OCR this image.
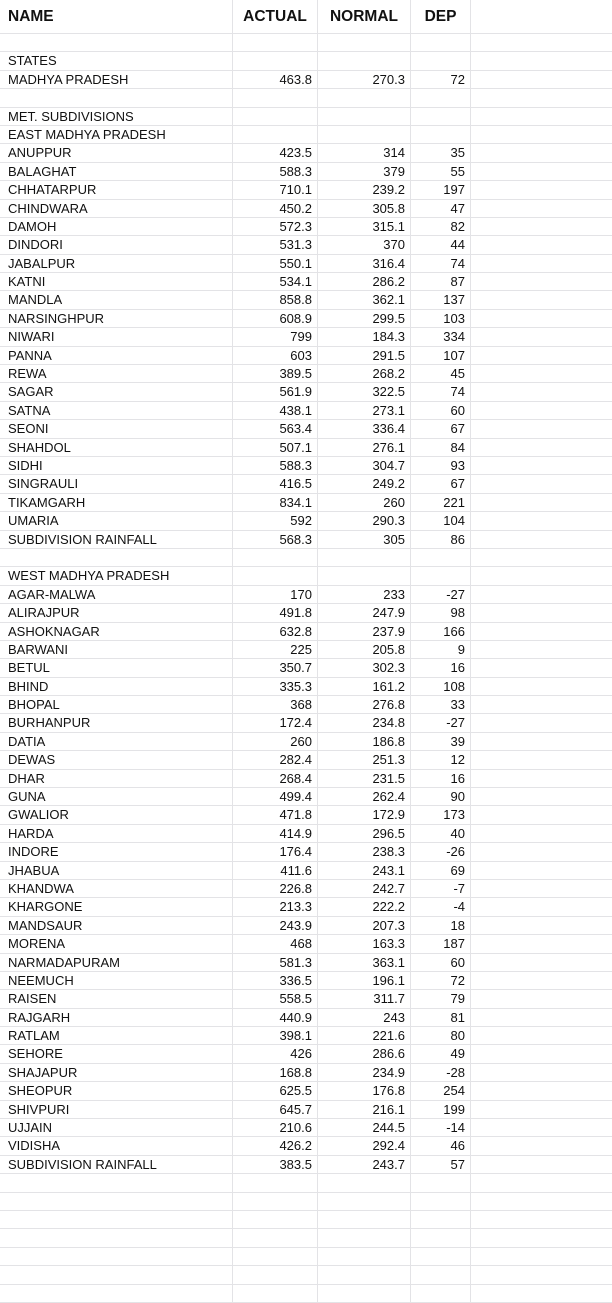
NAME	ACTUAL	NORMAL	DEP
STATES
MADHYA PRADESH	463.8	270.3	72
MET. SUBDIVISIONS
EAST MADHYA PRADESH
ANUPPUR	423.5	314	35
BALAGHAT	588.3	379	55
CHHATARPUR	710.1	239.2	197
CHINDWARA	450.2	305.8	47
DAMOH	572.3	315.1	82
DINDORI	531.3	370	44
JABALPUR	550.1	316.4	74
KATNI	534.1	286.2	87
MANDLA	858.8	362.1	137
NARSINGHPUR	608.9	299.5	103
NIWARI	799	184.3	334
PANNA	603	291.5	107
REWA	389.5	268.2	45
SAGAR	561.9	322.5	74
SATNA	438.1	273.1	60
SEONI	563.4	336.4	67
SHAHDOL	507.1	276.1	84
SIDHI	588.3	304.7	93
SINGRAULI	416.5	249.2	67
TIKAMGARH	834.1	260	221
UMARIA	592	290.3	104
SUBDIVISION RAINFALL	568.3	305	86
WEST MADHYA PRADESH
AGAR-MALWA	170	233	-27
ALIRAJPUR	491.8	247.9	98
ASHOKNAGAR	632.8	237.9	166
BARWANI	225	205.8	9
BETUL	350.7	302.3	16
BHIND	335.3	161.2	108
BHOPAL	368	276.8	33
BURHANPUR	172.4	234.8	-27
DATIA	260	186.8	39
DEWAS	282.4	251.3	12
DHAR	268.4	231.5	16
GUNA	499.4	262.4	90
GWALIOR	471.8	172.9	173
HARDA	414.9	296.5	40
INDORE	176.4	238.3	-26
JHABUA	411.6	243.1	69
KHANDWA	226.8	242.7	-7
KHARGONE	213.3	222.2	-4
MANDSAUR	243.9	207.3	18
MORENA	468	163.3	187
NARMADAPURAM	581.3	363.1	60
NEEMUCH	336.5	196.1	72
RAISEN	558.5	311.7	79
RAJGARH	440.9	243	81
RATLAM	398.1	221.6	80
SEHORE	426	286.6	49
SHAJAPUR	168.8	234.9	-28
SHEOPUR	625.5	176.8	254
SHIVPURI	645.7	216.1	199
UJJAIN	210.6	244.5	-14
VIDISHA	426.2	292.4	46
SUBDIVISION RAINFALL	383.5	243.7	57
